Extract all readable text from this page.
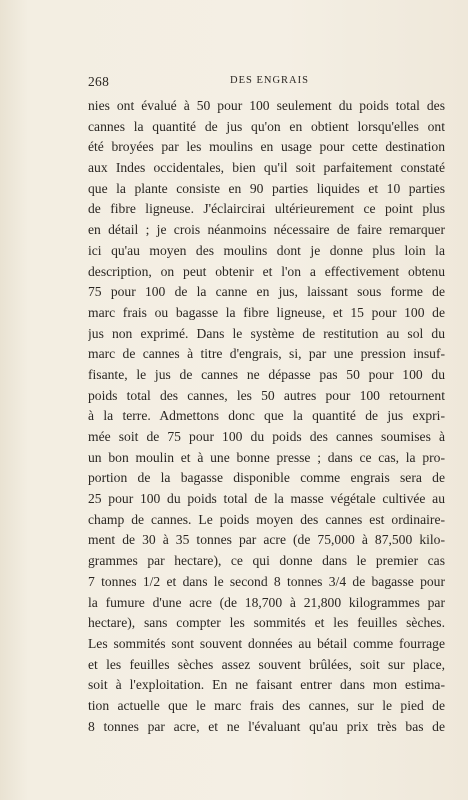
268	DES ENGRAIS
nies ont évalué à 50 pour 100 seulement du poids total des
cannes la quantité de jus qu'on en obtient lorsqu'elles ont
été broyées par les moulins en usage pour cette destination
aux Indes occidentales, bien qu'il soit parfaitement constaté
que la plante consiste en 90 parties liquides et 10 parties
de fibre ligneuse. J'éclaircirai ultérieurement ce point plus
en détail ; je crois néanmoins nécessaire de faire remarquer
ici qu'au moyen des moulins dont je donne plus loin la
description, on peut obtenir et l'on a effectivement obtenu
75 pour 100 de la canne en jus, laissant sous forme de
marc frais ou bagasse la fibre ligneuse, et 15 pour 100 de
jus non exprimé. Dans le système de restitution au sol du
marc de cannes à titre d'engrais, si, par une pression insuf-
fisante, le jus de cannes ne dépasse pas 50 pour 100 du
poids total des cannes, les 50 autres pour 100 retournent
à la terre. Admettons donc que la quantité de jus expri-
mée soit de 75 pour 100 du poids des cannes soumises à
un bon moulin et à une bonne presse ; dans ce cas, la pro-
portion de la bagasse disponible comme engrais sera de
25 pour 100 du poids total de la masse végétale cultivée au
champ de cannes. Le poids moyen des cannes est ordinaire-
ment de 30 à 35 tonnes par acre (de 75,000 à 87,500 kilo-
grammes par hectare), ce qui donne dans le premier cas
7 tonnes 1/2 et dans le second 8 tonnes 3/4 de bagasse pour
la fumure d'une acre (de 18,700 à 21,800 kilogrammes par
hectare), sans compter les sommités et les feuilles sèches.
Les sommités sont souvent données au bétail comme fourrage
et les feuilles sèches assez souvent brûlées, soit sur place,
soit à l'exploitation. En ne faisant entrer dans mon estima-
tion actuelle que le marc frais des cannes, sur le pied de
8 tonnes par acre, et ne l'évaluant qu'au prix très bas de
